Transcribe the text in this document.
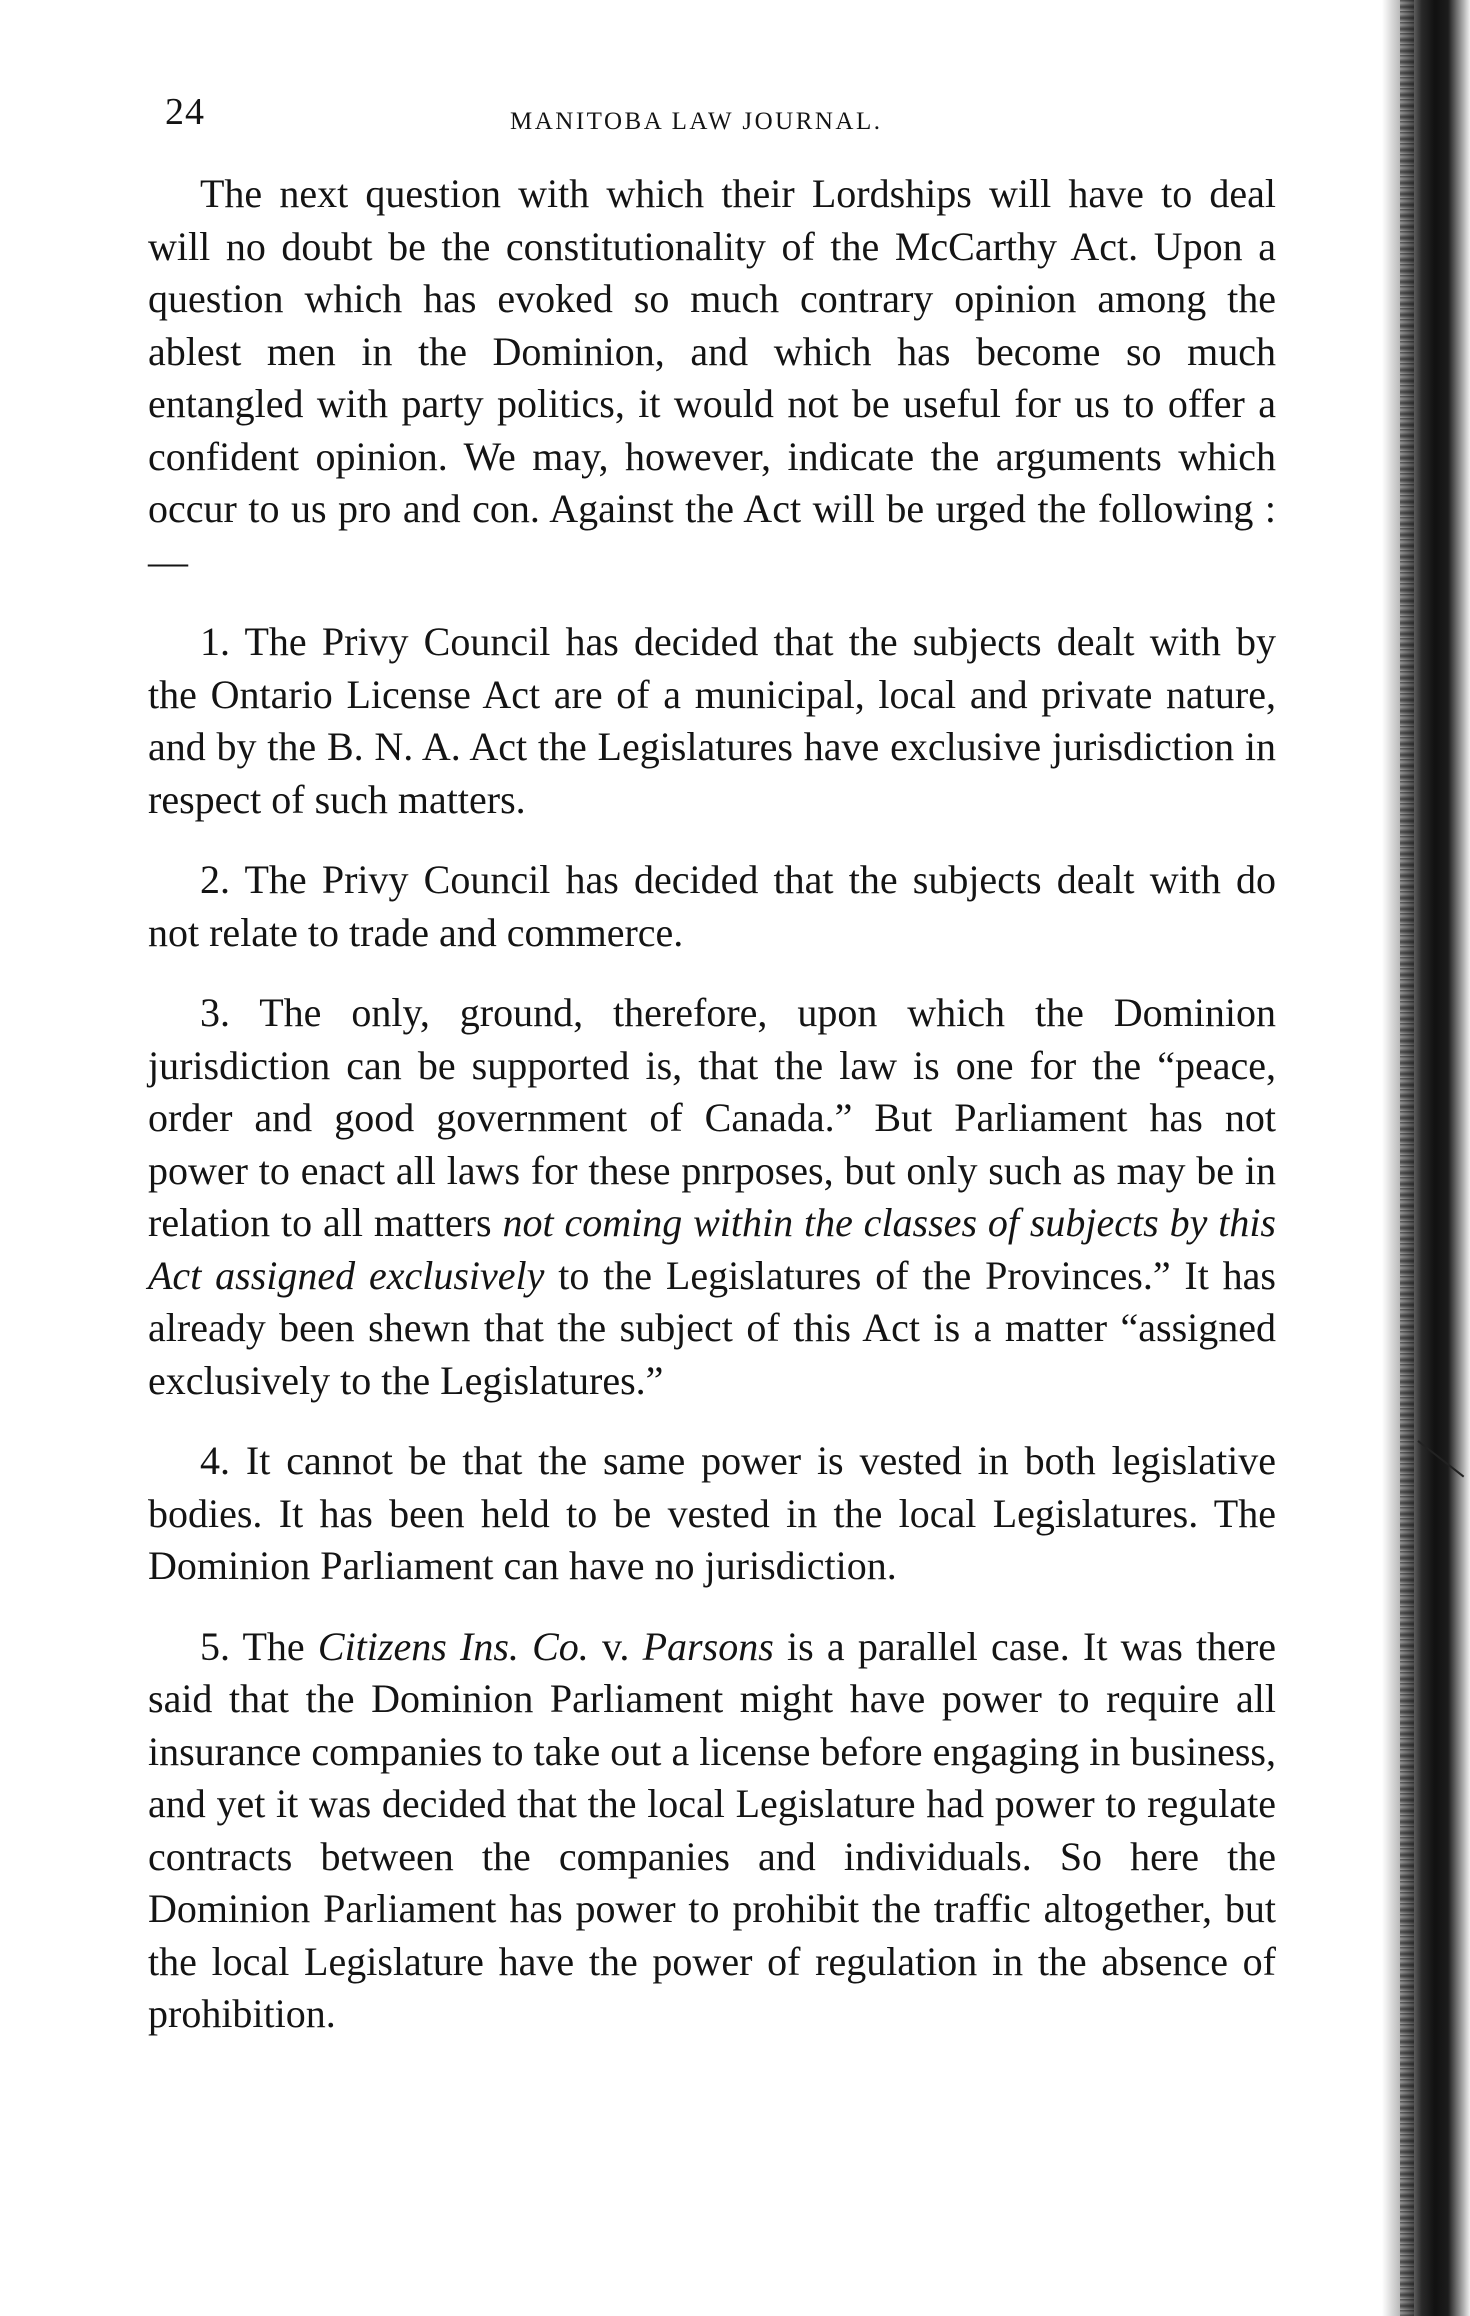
24	MANITOBA LAW JOURNAL.

The next question with which their Lordships will have to deal will no doubt be the constitutionality of the McCarthy Act. Upon a question which has evoked so much contrary opinion among the ablest men in the Dominion, and which has become so much entangled with party politics, it would not be useful for us to offer a confident opinion. We may, however, indicate the arguments which occur to us pro and con. Against the Act will be urged the following :—

1. The Privy Council has decided that the subjects dealt with by the Ontario License Act are of a municipal, local and private nature, and by the B. N. A. Act the Legislatures have exclusive jurisdiction in respect of such matters.

2. The Privy Council has decided that the subjects dealt with do not relate to trade and commerce.

3. The only, ground, therefore, upon which the Dominion jurisdiction can be supported is, that the law is one for the “peace, order and good government of Canada.” But Parliament has not power to enact all laws for these pnrposes, but only such as may be in relation to all matters not coming within the classes of subjects by this Act assigned exclusively to the Legislatures of the Provinces.” It has already been shewn that the subject of this Act is a matter “assigned exclusively to the Legislatures.”

4. It cannot be that the same power is vested in both legislative bodies. It has been held to be vested in the local Legislatures. The Dominion Parliament can have no jurisdiction.

5. The Citizens Ins. Co. v. Parsons is a parallel case. It was there said that the Dominion Parliament might have power to require all insurance companies to take out a license before engaging in business, and yet it was decided that the local Legislature had power to regulate contracts between the companies and individuals. So here the Dominion Parliament has power to prohibit the traffic altogether, but the local Legislature have the power of regulation in the absence of prohibition.
